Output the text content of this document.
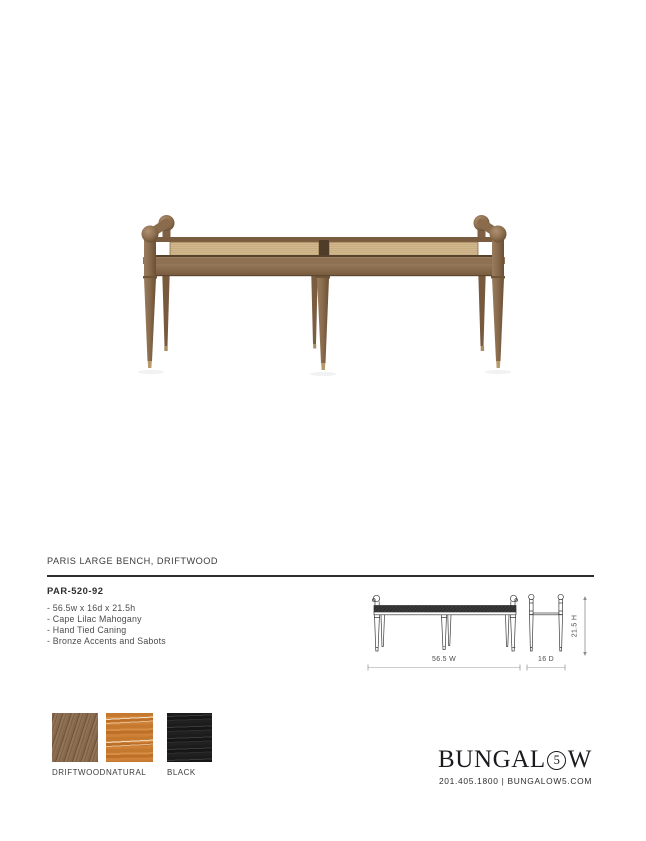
PARIS LARGE BENCH, DRIFTWOOD
PAR-520-92
- 56.5w x 16d x 21.5h
- Cape Lilac Mahogany
- Hand Tied Caning
- Bronze Accents and Sabots
56.5 W	16 D
21.5 H
DRIFTWOOD NATURAL	BLACK	BUNGAL 5 W
201.405.1800 | BUNGALOW5.COM
